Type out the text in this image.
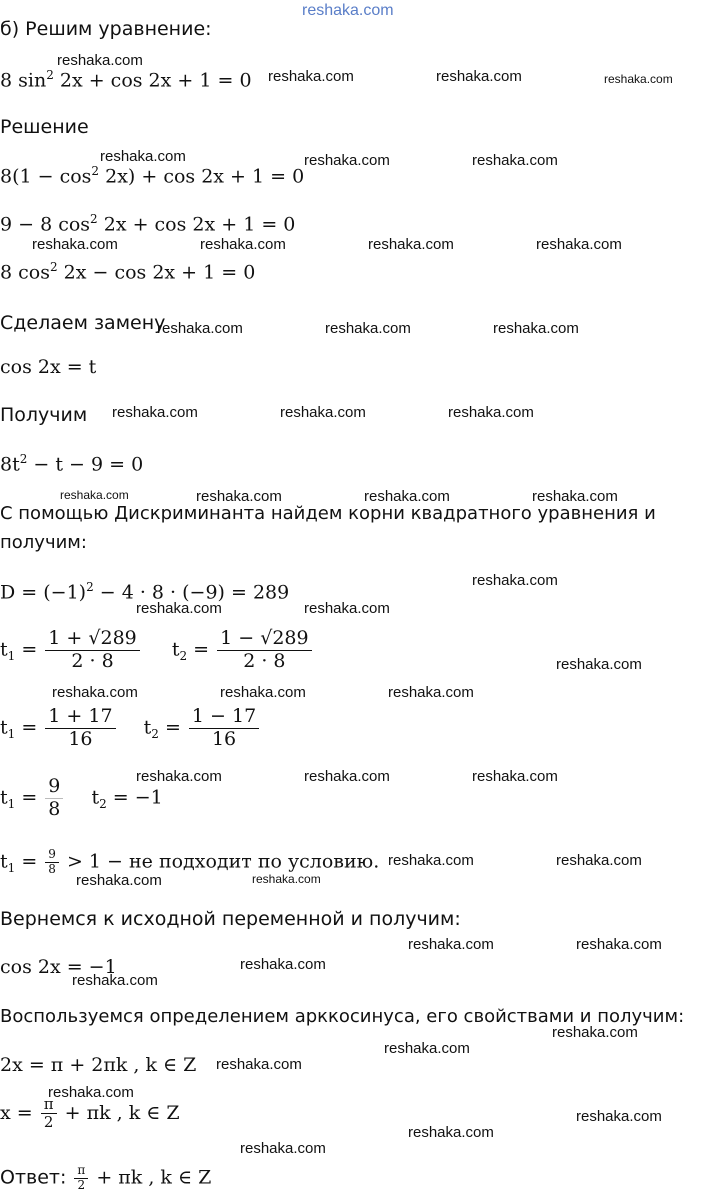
reshaka.com
б) Решим уравнение:
8 $\sin^2 2x + \cos 2x + 1 = 0$
Решение
$8(1 - \cos^2 2x) + \cos 2x + 1 = 0$
9 − 8 $\cos^2 2x + \cos 2x + 1 = 0$
8 $\cos^2 2x - \cos 2x + 1 = 0$
Сделаем замену
cos 2x = t
Получим
$8t^2 - t - 9 = 0$
С помощью Дискриминанта найдем корни квадратного уравнения и
получим:
$D = (-1)^2 - 4 \cdot 8 \cdot (-9) = 289$
$t_1 = \frac{1 + √289}{2 \cdot 8} t_2 = \frac{1 - √289}{2 \cdot 8}$
$t_1 = \frac{1 + 17}{16} t_2 = \frac{1 - 17}{16}$
$t_1 = \frac{9}{8} t_2 = -1$
$t_1 = \frac{9}{8} > 1$ − не подходит по условию.
Вернемся к исходной переменной и получим:
cos 2x = −1
Воспользуемся определением арккосинуса, его свойствами и получим:
2x = π + 2πk , k ∈ Z
$x = \frac{\pi}{2} + \pi k$ , k ∈ Z
Ответ: $\frac{\pi}{2} + \pi k$ , k ∈ Z
reshaka.com
reshaka.com	reshaka.com	reshaka.com
reshaka.com	reshaka.com	reshaka.com
reshaka.com	reshaka.com	reshaka.com	reshaka.com
reshaka.com	reshaka.com	reshaka.com
reshaka.com	reshaka.com	reshaka.com
reshaka.com	reshaka.com	reshaka.com	reshaka.com
reshaka.com
reshaka.com	reshaka.com
reshaka.com
reshaka.com	reshaka.com	reshaka.com
reshaka.com	reshaka.com	reshaka.com
reshaka.com	reshaka.com
reshaka.com	reshaka.com
reshaka.com	reshaka.com
reshaka.com
reshaka.com
reshaka.com
reshaka.com
reshaka.com
reshaka.com
reshaka.com
reshaka.com
reshaka.com
